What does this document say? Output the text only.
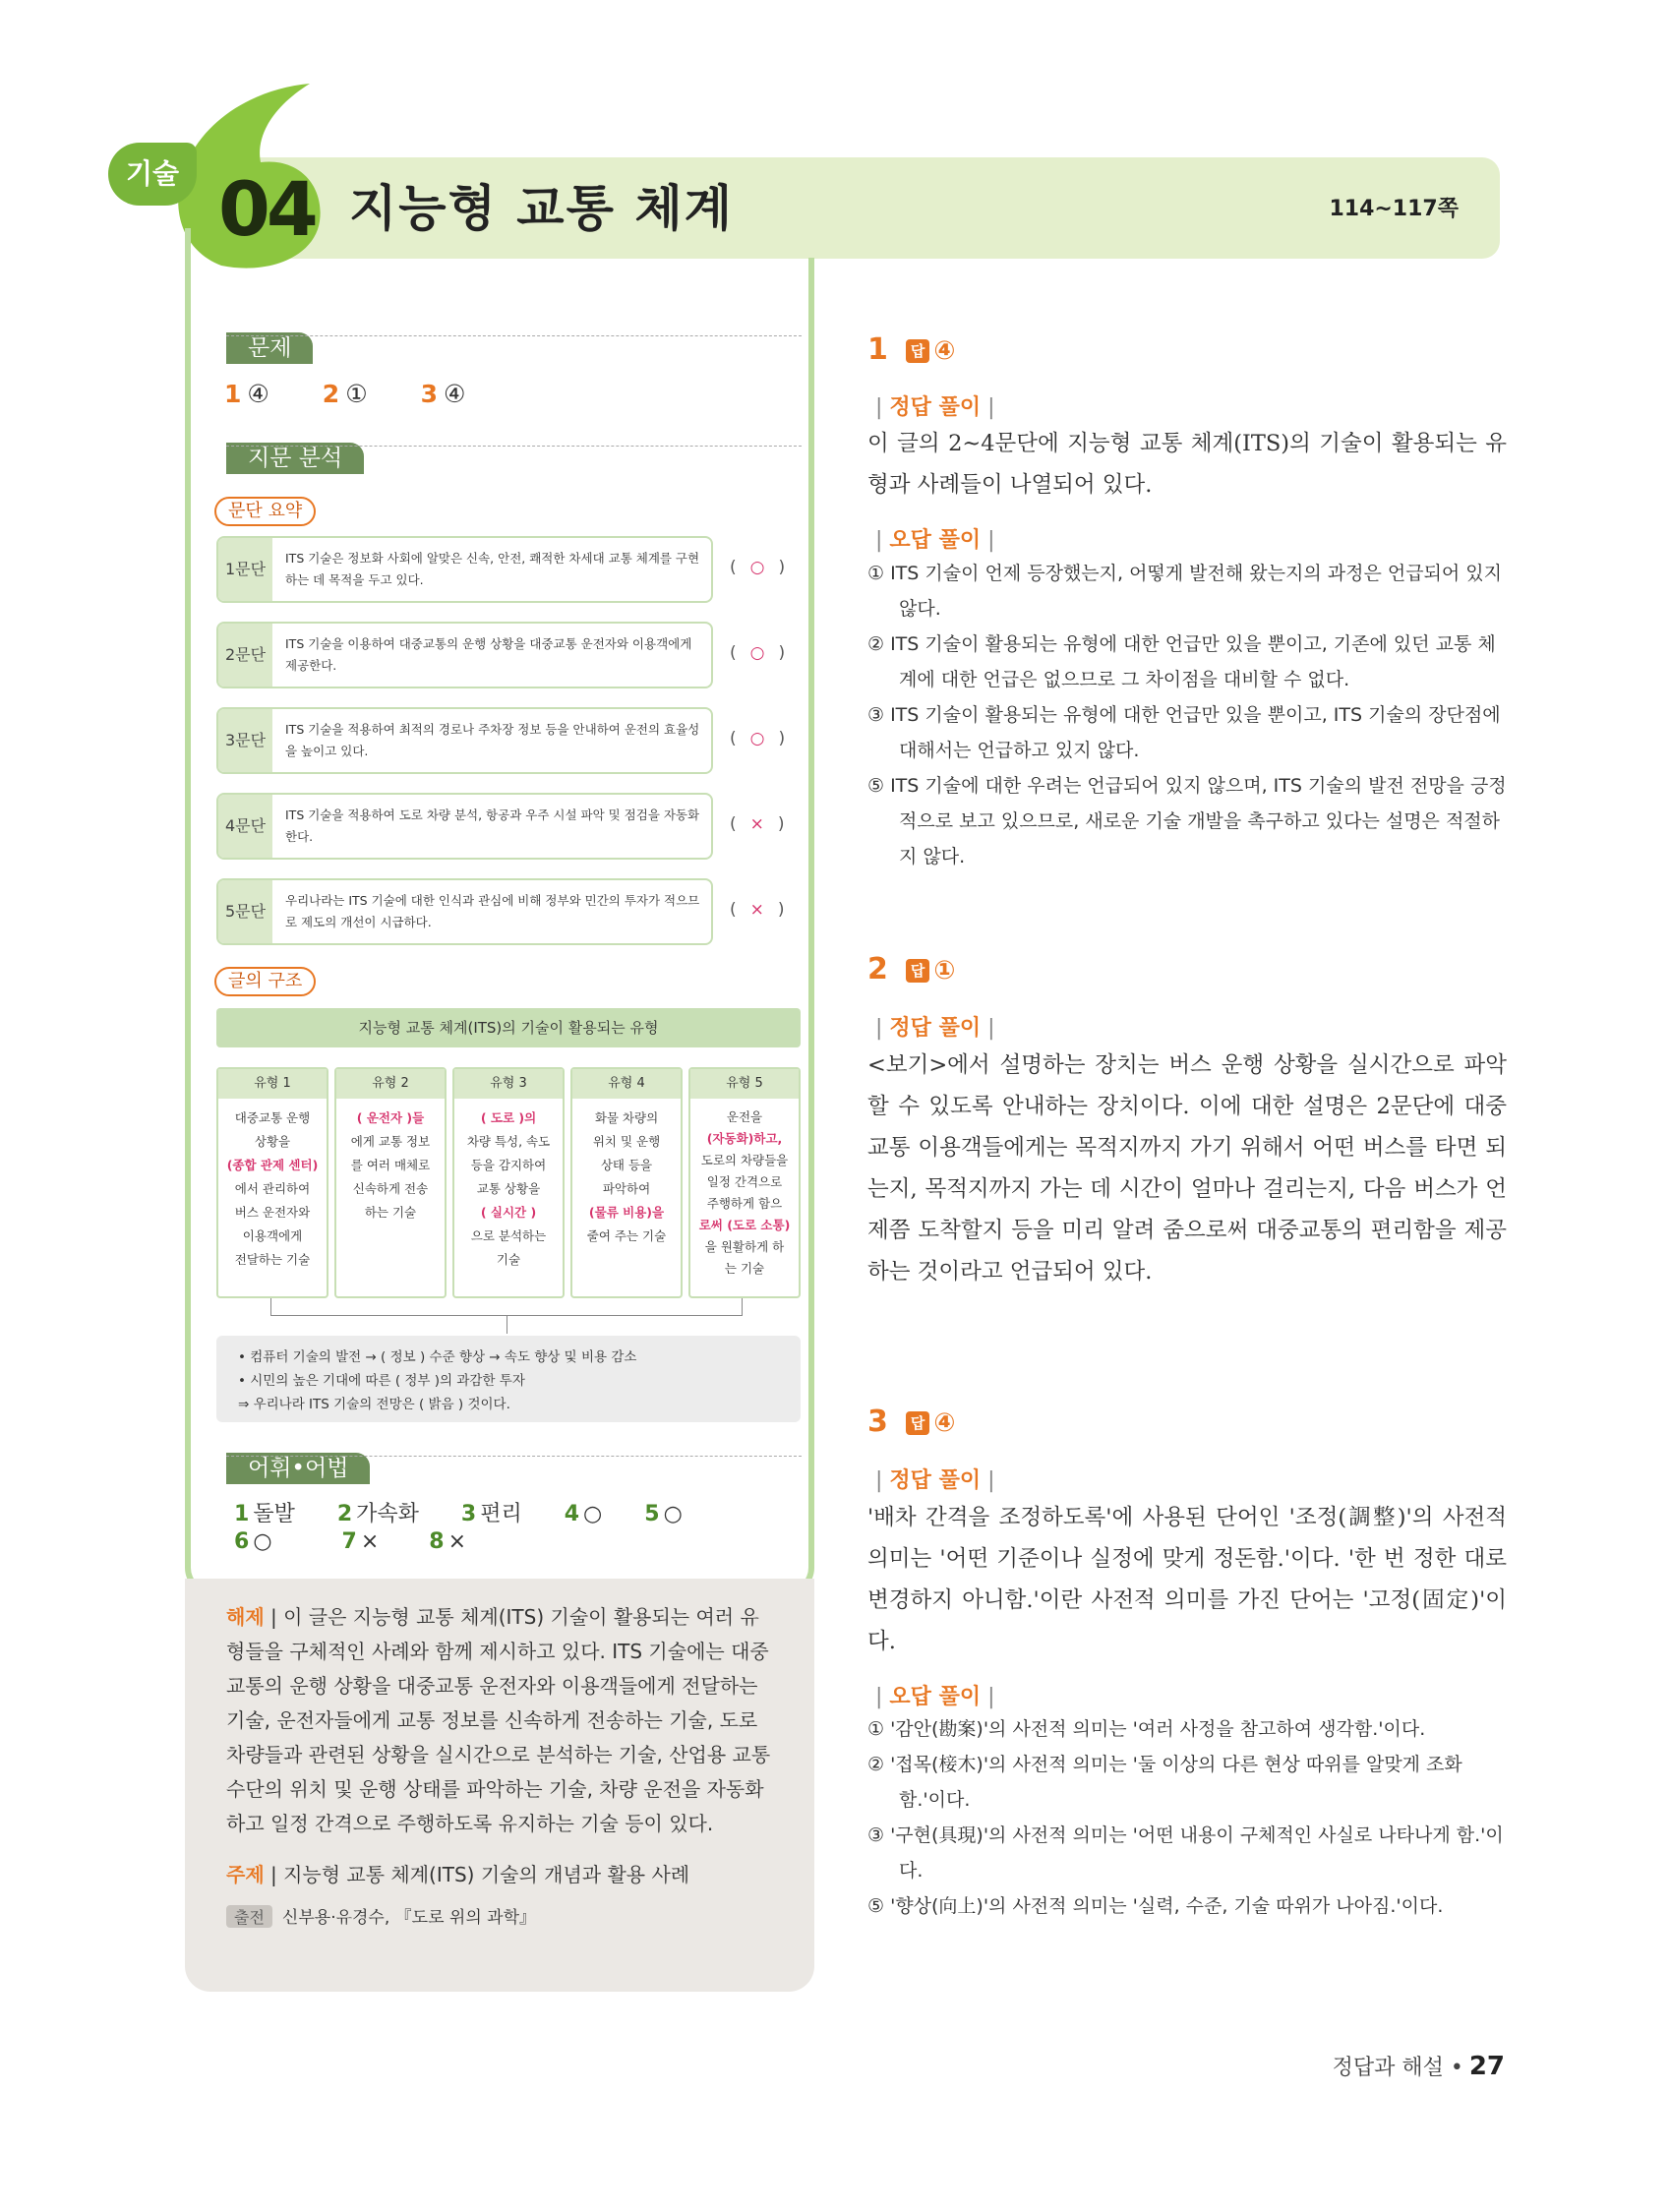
기술 04 지능형 교통 체계	114~117쪽
문제
1 ④ 2 ① 3 ④
지문 분석
문단 요약
1문단
ITS 기술은 정보화 사회에 알맞은 신속, 안전, 쾌적한 차세대 교통 체계를 구현하는 데 목적을 두고 있다.
( ○ )
2문단
ITS 기술을 이용하여 대중교통의 운행 상황을 대중교통 운전자와 이용객에게 제공한다.
( ○ )
3문단
ITS 기술을 적용하여 최적의 경로나 주차장 정보 등을 안내하여 운전의 효율성을 높이고 있다.
( ○ )
4문단
ITS 기술을 적용하여 도로 차량 분석, 항공과 우주 시설 파악 및 점검을 자동화한다.
( × )
5문단
우리나라는 ITS 기술에 대한 인식과 관심에 비해 정부와 민간의 투자가 적으므로 제도의 개선이 시급하다.
( × )
글의 구조
지능형 교통 체계(ITS)의 기술이 활용되는 유형
유형 1
대중교통 운행
상황을
(종합 관제 센터)
에서 관리하여
버스 운전자와
이용객에게
전달하는 기술
유형 2
( 운전자 )들
에게 교통 정보
를 여러 매체로
신속하게 전송
하는 기술
유형 3
( 도로 )의
차량 특성, 속도
등을 감지하여
교통 상황을
( 실시간 )
으로 분석하는
기술
유형 4
화물 차량의
위치 및 운행
상태 등을
파악하여
(물류 비용)을
줄여 주는 기술
유형 5
운전을
(자동화)하고,
도로의 차량들을
일정 간격으로
주행하게 함으
로써 (도로 소통)
을 원활하게 하
는 기술
• 컴퓨터 기술의 발전 → ( 정보 ) 수준 향상 → 속도 향상 및 비용 감소
• 시민의 높은 기대에 따른 ( 정부 )의 과감한 투자
⇒ 우리나라 ITS 기술의 전망은 ( 밝음 ) 것이다.
어휘•어법
1 돌발 2 가속화 3 편리 4 ○ 5 ○
6 ○	7 × 8 ×
해제 | 이 글은 지능형 교통 체계(ITS) 기술이 활용되는 여러 유형들을 구체적인 사례와 함께 제시하고 있다. ITS 기술에는 대중교통의 운행 상황을 대중교통 운전자와 이용객들에게 전달하는 기술, 운전자들에게 교통 정보를 신속하게 전송하는 기술, 도로 차량들과 관련된 상황을 실시간으로 분석하는 기술, 산업용 교통수단의 위치 및 운행 상태를 파악하는 기술, 차량 운전을 자동화하고 일정 간격으로 주행하도록 유지하는 기술 등이 있다.
주제 | 지능형 교통 체계(ITS) 기술의 개념과 활용 사례
출전 신부용·유경수, 『도로 위의 과학』
1 답 ④
| 정답 풀이 |
이 글의 2~4문단에 지능형 교통 체계(ITS)의 기술이 활용되는 유형과 사례들이 나열되어 있다.
| 오답 풀이 |
① ITS 기술이 언제 등장했는지, 어떻게 발전해 왔는지의 과정은 언급되어 있지 않다.
② ITS 기술이 활용되는 유형에 대한 언급만 있을 뿐이고, 기존에 있던 교통 체계에 대한 언급은 없으므로 그 차이점을 대비할 수 없다.
③ ITS 기술이 활용되는 유형에 대한 언급만 있을 뿐이고, ITS 기술의 장단점에 대해서는 언급하고 있지 않다.
⑤ ITS 기술에 대한 우려는 언급되어 있지 않으며, ITS 기술의 발전 전망을 긍정적으로 보고 있으므로, 새로운 기술 개발을 촉구하고 있다는 설명은 적절하지 않다.
2 답 ①
| 정답 풀이 |
<보기>에서 설명하는 장치는 버스 운행 상황을 실시간으로 파악할 수 있도록 안내하는 장치이다. 이에 대한 설명은 2문단에 대중교통 이용객들에게는 목적지까지 가기 위해서 어떤 버스를 타면 되는지, 목적지까지 가는 데 시간이 얼마나 걸리는지, 다음 버스가 언제쯤 도착할지 등을 미리 알려 줌으로써 대중교통의 편리함을 제공하는 것이라고 언급되어 있다.
3 답 ④
| 정답 풀이 |
'배차 간격을 조정하도록'에 사용된 단어인 '조정(調整)'의 사전적 의미는 '어떤 기준이나 실정에 맞게 정돈함.'이다. '한 번 정한 대로 변경하지 아니함.'이란 사전적 의미를 가진 단어는 '고정(固定)'이다.
| 오답 풀이 |
① '감안(勘案)'의 사전적 의미는 '여러 사정을 참고하여 생각함.'이다.
② '접목(椄木)'의 사전적 의미는 '둘 이상의 다른 현상 따위를 알맞게 조화함.'이다.
③ '구현(具現)'의 사전적 의미는 '어떤 내용이 구체적인 사실로 나타나게 함.'이다.
⑤ '향상(向上)'의 사전적 의미는 '실력, 수준, 기술 따위가 나아짐.'이다.
정답과 해설 • 27
